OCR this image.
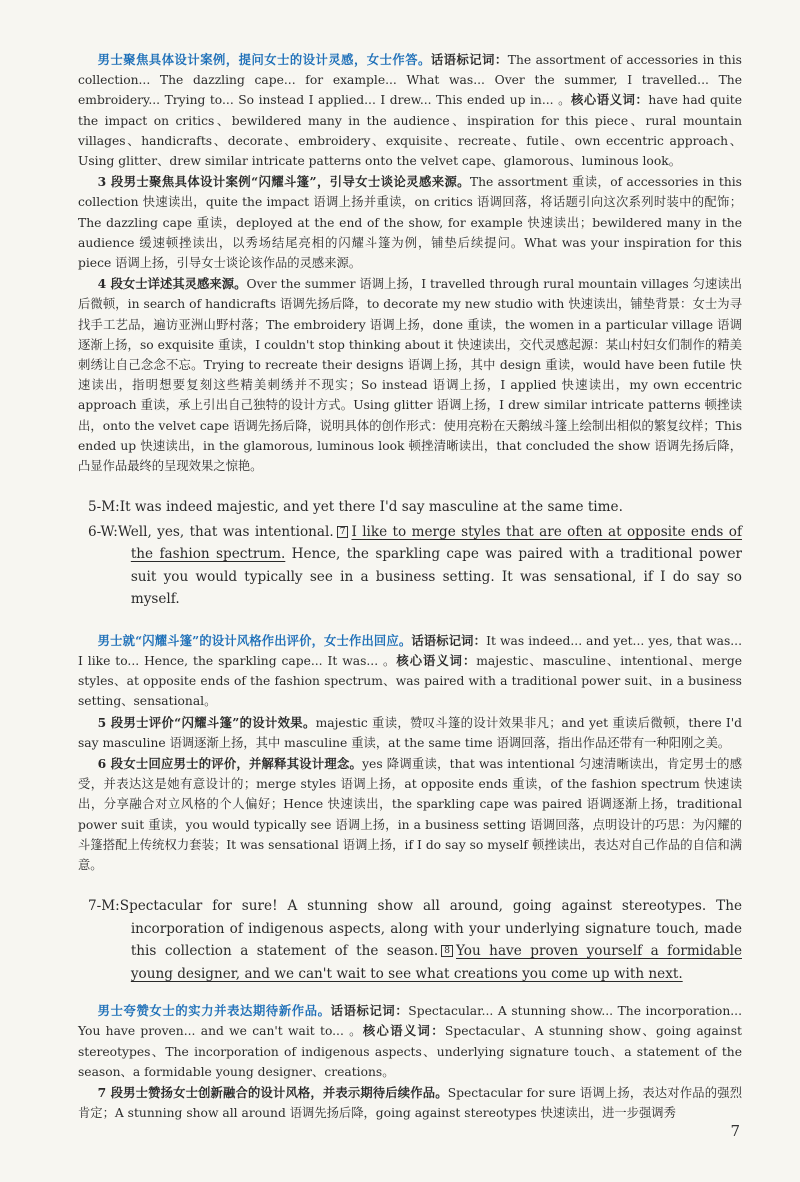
男士聚焦具体设计案例，提问女士的设计灵感，女士作答。话语标记词：The assortment of accessories in this collection... The dazzling cape... for example... What was... Over the summer, I travelled... The embroidery... Trying to... So instead I applied... I drew... This ended up in... 。核心语义词：have had quite the impact on critics、bewildered many in the audience、inspiration for this piece、rural mountain villages、handicrafts、decorate、embroidery、exquisite、recreate、futile、own eccentric approach、Using glitter、drew similar intricate patterns onto the velvet cape、glamorous、luminous look。

3 段男士聚焦具体设计案例“闪耀斗篷”，引导女士谈论灵感来源。The assortment 重读，of accessories in this collection 快速读出，quite the impact 语调上扬并重读，on critics 语调回落，将话题引向这次系列时装中的配饰；The dazzling cape 重读，deployed at the end of the show, for example 快速读出；bewildered many in the audience 缓速顿挫读出，以秀场结尾亮相的闪耀斗篷为例，铺垫后续提问。What was your inspiration for this piece 语调上扬，引导女士谈论该作品的灵感来源。

4 段女士详述其灵感来源。Over the summer 语调上扬，I travelled through rural mountain villages 匀速读出后微顿，in search of handicrafts 语调先扬后降，to decorate my new studio with 快速读出，铺垫背景：女士为寻找手工艺品，遍访亚洲山野村落；The embroidery 语调上扬，done 重读，the women in a particular village 语调逐渐上扬，so exquisite 重读，I couldn't stop thinking about it 快速读出，交代灵感起源：某山村妇女们制作的精美刺绣让自己念念不忘。Trying to recreate their designs 语调上扬，其中 design 重读，would have been futile 快速读出，指明想要复刻这些精美刺绣并不现实；So instead 语调上扬，I applied 快速读出，my own eccentric approach 重读，承上引出自己独特的设计方式。Using glitter 语调上扬，I drew similar intricate patterns 顿挫读出，onto the velvet cape 语调先扬后降，说明具体的创作形式：使用亮粉在天鹅绒斗篷上绘制出相似的繁复纹样；This ended up 快速读出，in the glamorous, luminous look 顿挫清晰读出，that concluded the show 语调先扬后降，凸显作品最终的呈现效果之惊艳。

5-M:It was indeed majestic, and yet there I'd say masculine at the same time.

6-W:Well, yes, that was intentional. 7 I like to merge styles that are often at opposite ends of the fashion spectrum. Hence, the sparkling cape was paired with a traditional power suit you would typically see in a business setting. It was sensational, if I do say so myself.

男士就“闪耀斗篷”的设计风格作出评价，女士作出回应。话语标记词：It was indeed... and yet... yes, that was... I like to... Hence, the sparkling cape... It was... 。核心语义词：majestic、masculine、intentional、merge styles、at opposite ends of the fashion spectrum、was paired with a traditional power suit、in a business setting、sensational。

5 段男士评价“闪耀斗篷”的设计效果。majestic 重读，赞叹斗篷的设计效果非凡；and yet 重读后微顿，there I'd say masculine 语调逐渐上扬，其中 masculine 重读，at the same time 语调回落，指出作品还带有一种阳刚之美。

6 段女士回应男士的评价，并解释其设计理念。yes 降调重读，that was intentional 匀速清晰读出，肯定男士的感受，并表达这是她有意设计的；merge styles 语调上扬，at opposite ends 重读，of the fashion spectrum 快速读出，分享融合对立风格的个人偏好；Hence 快速读出，the sparkling cape was paired 语调逐渐上扬，traditional power suit 重读，you would typically see 语调上扬，in a business setting 语调回落，点明设计的巧思：为闪耀的斗篷搭配上传统权力套装；It was sensational 语调上扬，if I do say so myself 顿挫读出，表达对自己作品的自信和满意。

7-M:Spectacular for sure! A stunning show all around, going against stereotypes. The incorporation of indigenous aspects, along with your underlying signature touch, made this collection a statement of the season. 8 You have proven yourself a formidable young designer, and we can't wait to see what creations you come up with next.

男士夸赞女士的实力并表达期待新作品。话语标记词：Spectacular... A stunning show... The incorporation... You have proven... and we can't wait to... 。核心语义词：Spectacular、A stunning show、going against stereotypes、The incorporation of indigenous aspects、underlying signature touch、a statement of the season、a formidable young designer、creations。

7 段男士赞扬女士创新融合的设计风格，并表示期待后续作品。Spectacular for sure 语调上扬，表达对作品的强烈肯定；A stunning show all around 语调先扬后降，going against stereotypes 快速读出，进一步强调秀

7
